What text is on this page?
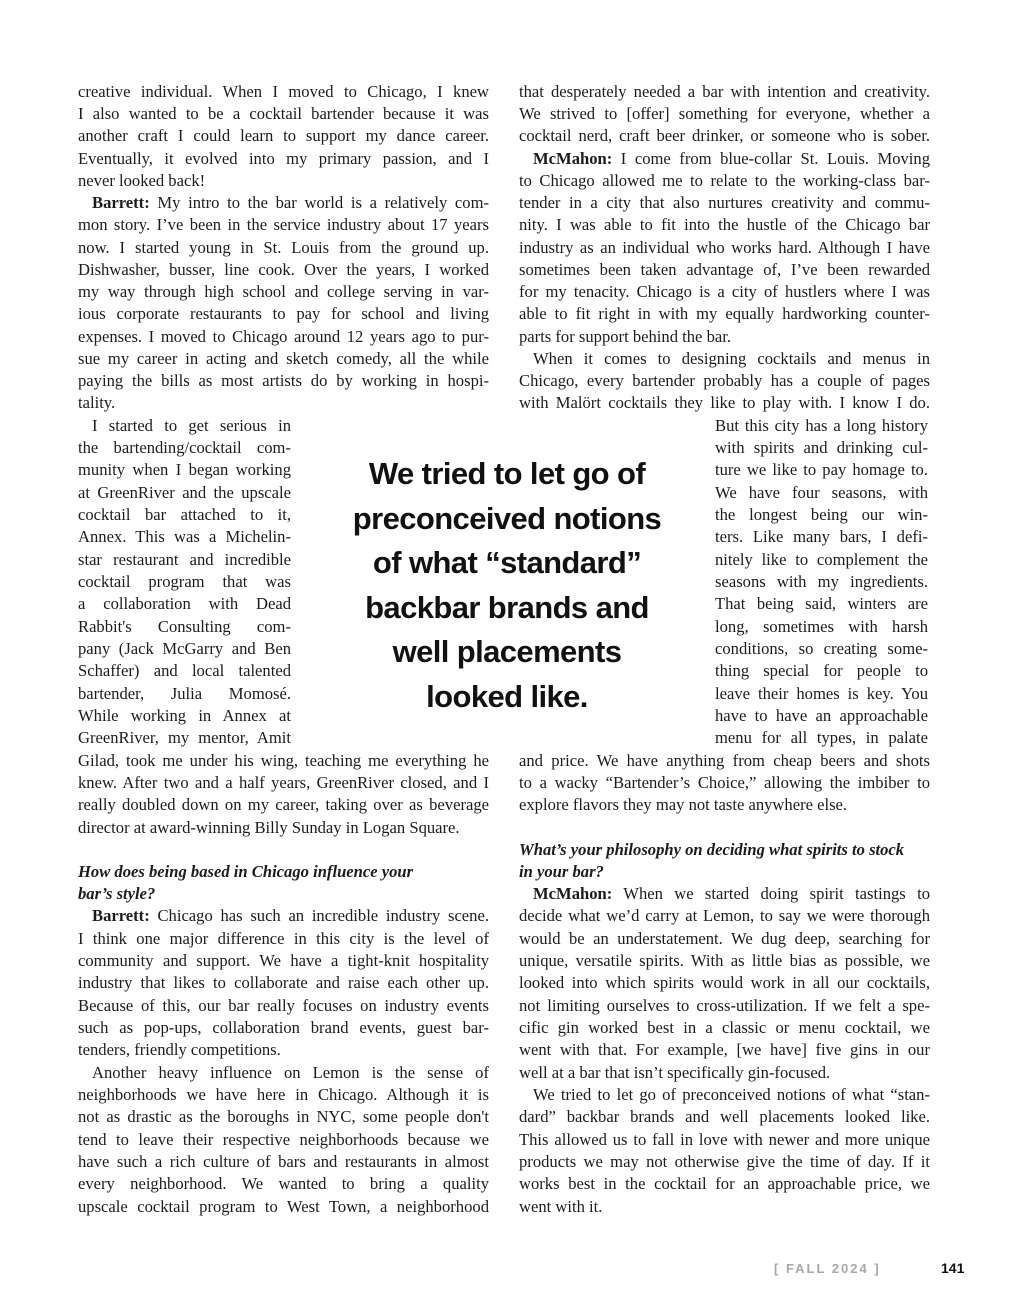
creative individual. When I moved to Chicago, I knew
I also wanted to be a cocktail bartender because it was
another craft I could learn to support my dance career.
Eventually, it evolved into my primary passion, and I
never looked back!
Barrett: My intro to the bar world is a relatively com-
mon story. I’ve been in the service industry about 17 years
now. I started young in St. Louis from the ground up.
Dishwasher, busser, line cook. Over the years, I worked
my way through high school and college serving in var-
ious corporate restaurants to pay for school and living
expenses. I moved to Chicago around 12 years ago to pur-
sue my career in acting and sketch comedy, all the while
paying the bills as most artists do by working in hospi-
tality.
I started to get serious in
the bartending/cocktail com-
munity when I began working
at GreenRiver and the upscale
cocktail bar attached to it,
Annex. This was a Michelin-
star restaurant and incredible
cocktail program that was
a collaboration with Dead
Rabbit's Consulting com-
pany (Jack McGarry and Ben
Schaffer) and local talented
bartender, Julia Momosé.
While working in Annex at
GreenRiver, my mentor, Amit
Gilad, took me under his wing, teaching me everything he
knew. After two and a half years, GreenRiver closed, and I
really doubled down on my career, taking over as beverage
director at award-winning Billy Sunday in Logan Square.
How does being based in Chicago influence your
bar’s style?
Barrett: Chicago has such an incredible industry scene.
I think one major difference in this city is the level of
community and support. We have a tight-knit hospitality
industry that likes to collaborate and raise each other up.
Because of this, our bar really focuses on industry events
such as pop-ups, collaboration brand events, guest bar-
tenders, friendly competitions.
Another heavy influence on Lemon is the sense of
neighborhoods we have here in Chicago. Although it is
not as drastic as the boroughs in NYC, some people don't
tend to leave their respective neighborhoods because we
have such a rich culture of bars and restaurants in almost
every neighborhood. We wanted to bring a quality
upscale cocktail program to West Town, a neighborhood
We tried to let go of
preconceived notions
of what “standard”
backbar brands and
well placements
looked like.
that desperately needed a bar with intention and creativity.
We strived to [offer] something for everyone, whether a
cocktail nerd, craft beer drinker, or someone who is sober.
McMahon: I come from blue-collar St. Louis. Moving
to Chicago allowed me to relate to the working-class bar-
tender in a city that also nurtures creativity and commu-
nity. I was able to fit into the hustle of the Chicago bar
industry as an individual who works hard. Although I have
sometimes been taken advantage of, I’ve been rewarded
for my tenacity. Chicago is a city of hustlers where I was
able to fit right in with my equally hardworking counter-
parts for support behind the bar.
When it comes to designing cocktails and menus in
Chicago, every bartender probably has a couple of pages
with Malört cocktails they like to play with. I know I do.
But this city has a long history
with spirits and drinking cul-
ture we like to pay homage to.
We have four seasons, with
the longest being our win-
ters. Like many bars, I defi-
nitely like to complement the
seasons with my ingredients.
That being said, winters are
long, sometimes with harsh
conditions, so creating some-
thing special for people to
leave their homes is key. You
have to have an approachable
menu for all types, in palate
and price. We have anything from cheap beers and shots
to a wacky “Bartender’s Choice,” allowing the imbiber to
explore flavors they may not taste anywhere else.
What’s your philosophy on deciding what spirits to stock
in your bar?
McMahon: When we started doing spirit tastings to
decide what we’d carry at Lemon, to say we were thorough
would be an understatement. We dug deep, searching for
unique, versatile spirits. With as little bias as possible, we
looked into which spirits would work in all our cocktails,
not limiting ourselves to cross-utilization. If we felt a spe-
cific gin worked best in a classic or menu cocktail, we
went with that. For example, [we have] five gins in our
well at a bar that isn’t specifically gin-focused.
We tried to let go of preconceived notions of what “stan-
dard” backbar brands and well placements looked like.
This allowed us to fall in love with newer and more unique
products we may not otherwise give the time of day. If it
works best in the cocktail for an approachable price, we
went with it.
[ FALL 2024 ]	141
